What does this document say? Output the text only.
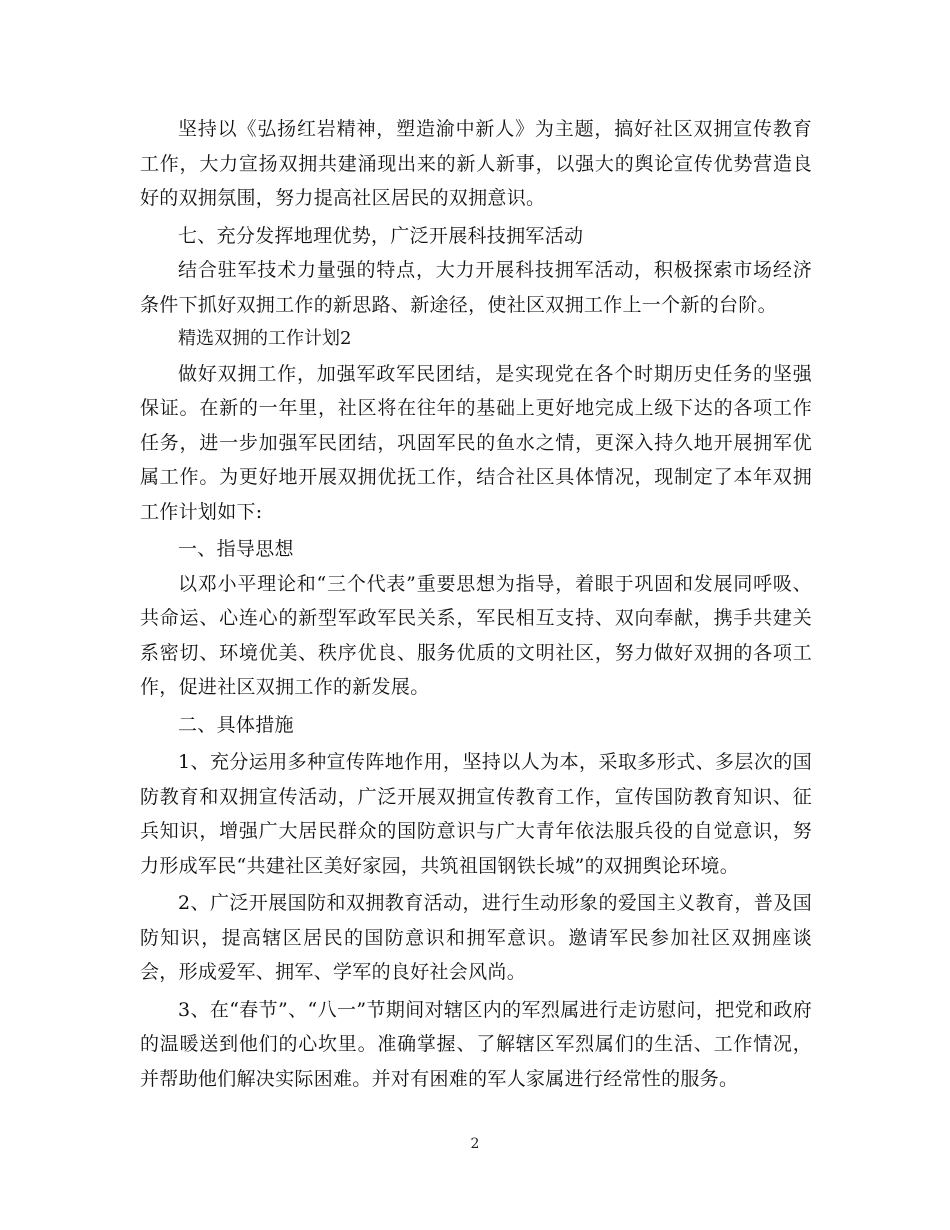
坚持以《弘扬红岩精神，塑造渝中新人》为主题，搞好社区双拥宣传教育工作，大力宣扬双拥共建涌现出来的新人新事，以强大的舆论宣传优势营造良好的双拥氛围，努力提高社区居民的双拥意识。

七、充分发挥地理优势，广泛开展科技拥军活动

结合驻军技术力量强的特点，大力开展科技拥军活动，积极探索市场经济条件下抓好双拥工作的新思路、新途径，使社区双拥工作上一个新的台阶。

精选双拥的工作计划2

做好双拥工作，加强军政军民团结，是实现党在各个时期历史任务的坚强保证。在新的一年里，社区将在往年的基础上更好地完成上级下达的各项工作任务，进一步加强军民团结，巩固军民的鱼水之情，更深入持久地开展拥军优属工作。为更好地开展双拥优抚工作，结合社区具体情况，现制定了本年双拥工作计划如下:

一、指导思想

以邓小平理论和“三个代表”重要思想为指导，着眼于巩固和发展同呼吸、共命运、心连心的新型军政军民关系，军民相互支持、双向奉献，携手共建关系密切、环境优美、秩序优良、服务优质的文明社区，努力做好双拥的各项工作，促进社区双拥工作的新发展。

二、具体措施

1、充分运用多种宣传阵地作用，坚持以人为本，采取多形式、多层次的国防教育和双拥宣传活动，广泛开展双拥宣传教育工作，宣传国防教育知识、征兵知识，增强广大居民群众的国防意识与广大青年依法服兵役的自觉意识，努力形成军民“共建社区美好家园，共筑祖国钢铁长城”的双拥舆论环境。

2、广泛开展国防和双拥教育活动，进行生动形象的爱国主义教育，普及国防知识，提高辖区居民的国防意识和拥军意识。邀请军民参加社区双拥座谈会，形成爱军、拥军、学军的良好社会风尚。

3、在“春节”、“八一”节期间对辖区内的军烈属进行走访慰问，把党和政府的温暖送到他们的心坎里。准确掌握、了解辖区军烈属们的生活、工作情况，并帮助他们解决实际困难。并对有困难的军人家属进行经常性的服务。

2
